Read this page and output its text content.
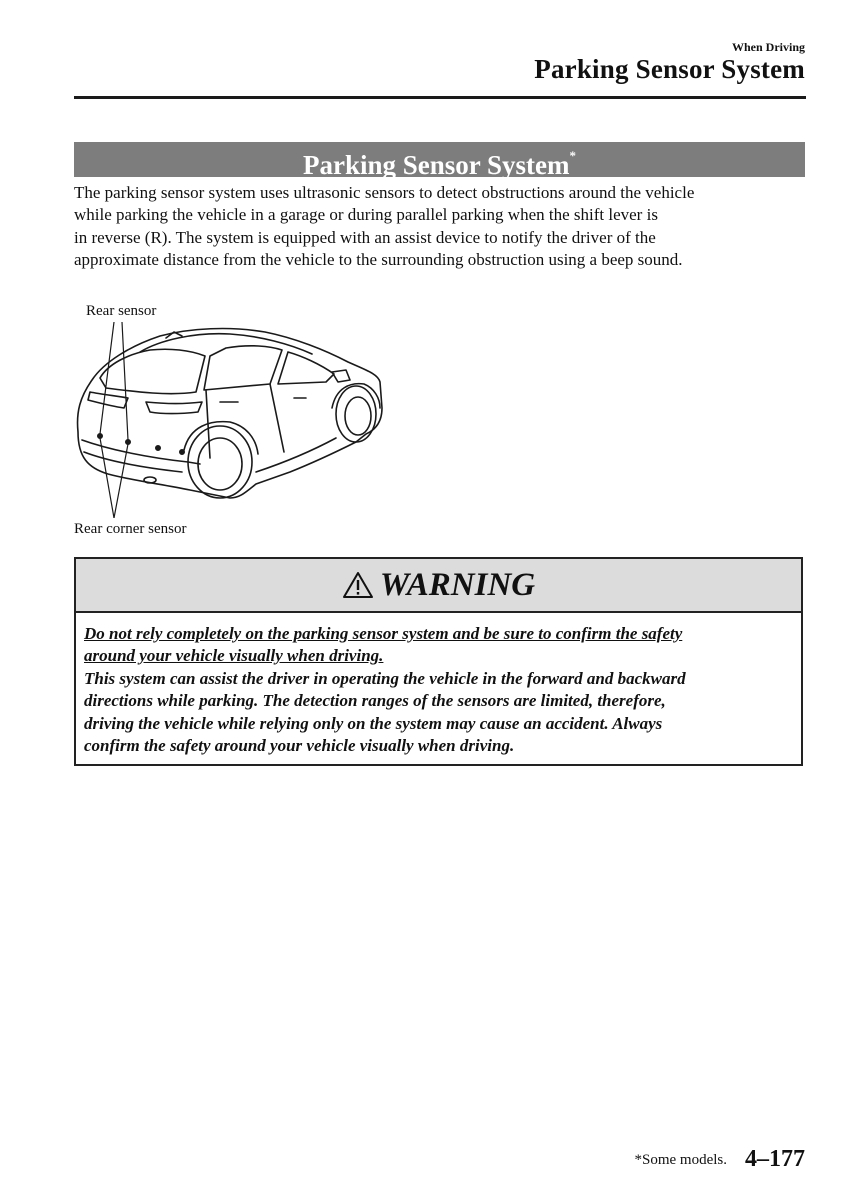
When Driving
Parking Sensor System
Parking Sensor System*
The parking sensor system uses ultrasonic sensors to detect obstructions around the vehicle
while parking the vehicle in a garage or during parallel parking when the shift lever is
in reverse (R). The system is equipped with an assist device to notify the driver of the
approximate distance from the vehicle to the surrounding obstruction using a beep sound.
Rear sensor
Rear corner sensor
WARNING
Do not rely completely on the parking sensor system and be sure to confirm the safety
around your vehicle visually when driving.
This system can assist the driver in operating the vehicle in the forward and backward
directions while parking. The detection ranges of the sensors are limited, therefore,
driving the vehicle while relying only on the system may cause an accident. Always
confirm the safety around your vehicle visually when driving.
*Some models. 4–177
